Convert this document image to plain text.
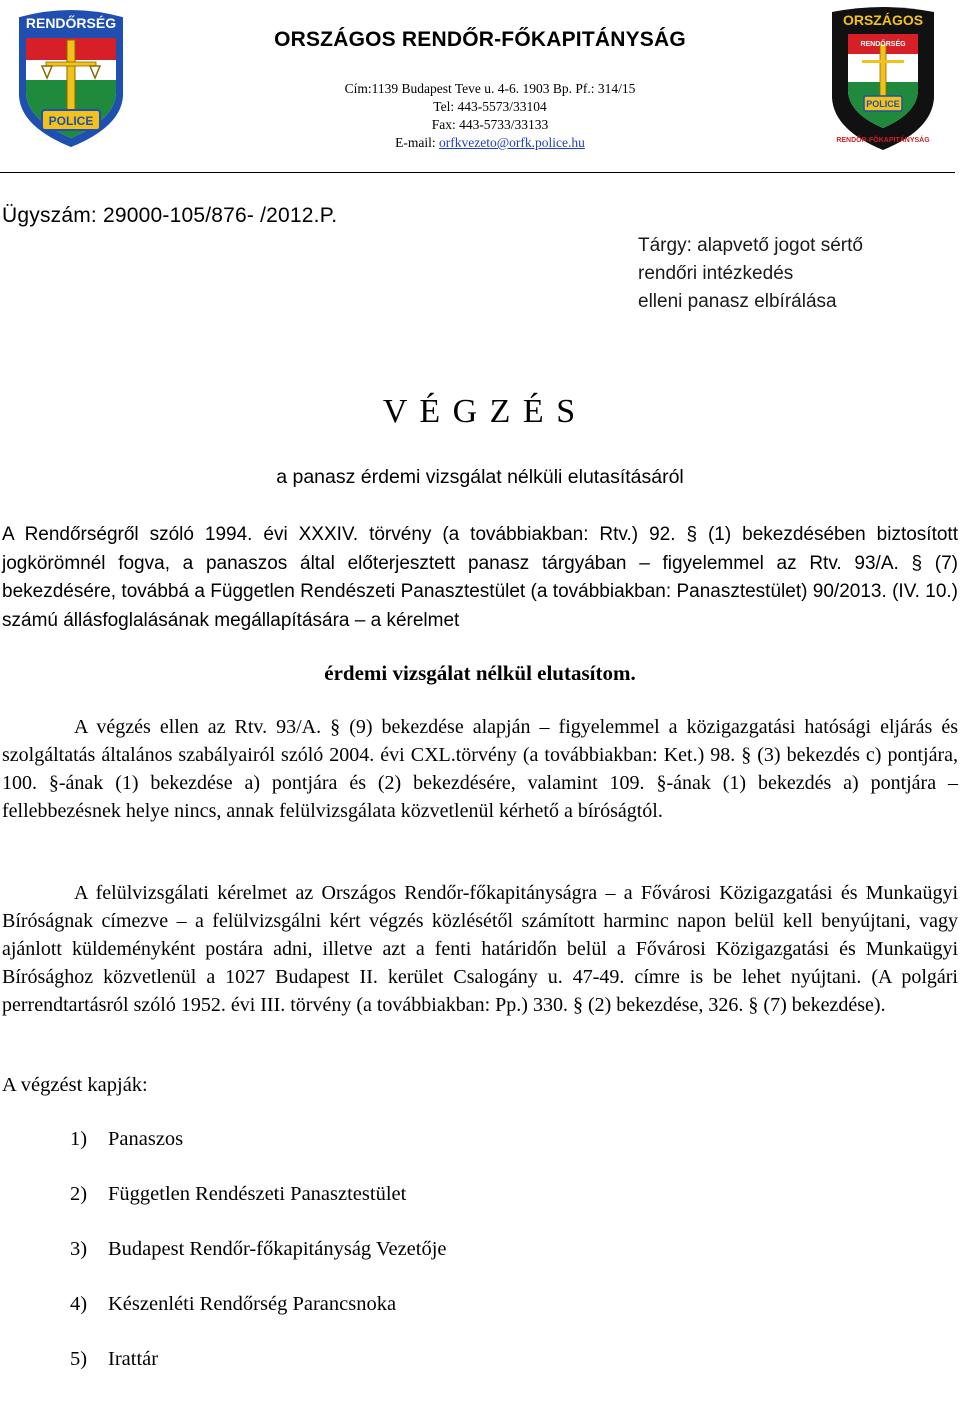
POLICE
RENDŐRSÉG
ORSZÁGOS RENDŐR-FŐKAPITÁNYSÁG
Cím:1139 Budapest Teve u. 4-6. 1903 Bp. Pf.: 314/15
Tel: 443-5573/33104
Fax: 443-5733/33133
E-mail: orfkvezeto@orfk.police.hu
POLICE
ORSZÁGOS
RENDŐRSÉG
RENDŐR-FŐKAPITÁNYSÁG
Ügyszám: 29000-105/876- /2012.P.
Tárgy: alapvető jogot sértő
rendőri intézkedés
elleni panasz elbírálása
V É G Z É S
a panasz érdemi vizsgálat nélküli elutasításáról
A Rendőrségről szóló 1994. évi XXXIV. törvény (a továbbiakban: Rtv.) 92. § (1) bekezdésében biztosított jogkörömnél fogva, a panaszos által előterjesztett panasz tárgyában – figyelemmel az Rtv. 93/A. § (7) bekezdésére, továbbá a Független Rendészeti Panasztestület (a továbbiakban: Panasztestület) 90/2013. (IV. 10.) számú állásfoglalásának megállapítására – a kérelmet
érdemi vizsgálat nélkül elutasítom.
A végzés ellen az Rtv. 93/A. § (9) bekezdése alapján – figyelemmel a közigazgatási hatósági eljárás és szolgáltatás általános szabályairól szóló 2004. évi CXL.törvény (a továbbiakban: Ket.) 98. § (3) bekezdés c) pontjára, 100. §-ának (1) bekezdése a) pontjára és (2) bekezdésére, valamint 109. §-ának (1) bekezdés a) pontjára – fellebbezésnek helye nincs, annak felülvizsgálata közvetlenül kérhető a bíróságtól.
A felülvizsgálati kérelmet az Országos Rendőr-főkapitányságra – a Fővárosi Közigazgatási és Munkaügyi Bíróságnak címezve – a felülvizsgálni kért végzés közlésétől számított harminc napon belül kell benyújtani, vagy ajánlott küldeményként postára adni, illetve azt a fenti határidőn belül a Fővárosi Közigazgatási és Munkaügyi Bírósághoz közvetlenül a 1027 Budapest II. kerület Csalogány u. 47-49. címre is be lehet nyújtani. (A polgári perrendtartásról szóló 1952. évi III. törvény (a továbbiakban: Pp.) 330. § (2) bekezdése, 326. § (7) bekezdése).
A végzést kapják:
1) Panaszos
2) Független Rendészeti Panasztestület
3) Budapest Rendőr-főkapitányság Vezetője
4) Készenléti Rendőrség Parancsnoka
5) Irattár
